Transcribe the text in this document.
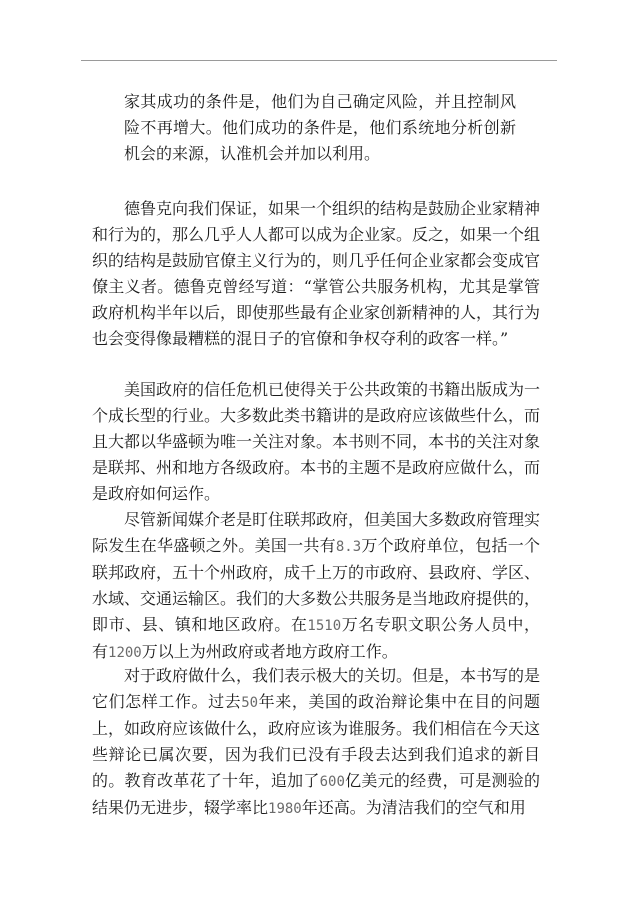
家其成功的条件是，他们为自己确定风险，并且控制风险不再增大。他们成功的条件是，他们系统地分析创新机会的来源，认准机会并加以利用。

德鲁克向我们保证，如果一个组织的结构是鼓励企业家精神和行为的，那么几乎人人都可以成为企业家。反之，如果一个组织的结构是鼓励官僚主义行为的，则几乎任何企业家都会变成官僚主义者。德鲁克曾经写道：“掌管公共服务机构，尤其是掌管政府机构半年以后，即使那些最有企业家创新精神的人，其行为也会变得像最糟糕的混日子的官僚和争权夺利的政客一样。”

美国政府的信任危机已使得关于公共政策的书籍出版成为一个成长型的行业。大多数此类书籍讲的是政府应该做些什么，而且大都以华盛顿为唯一关注对象。本书则不同，本书的关注对象是联邦、州和地方各级政府。本书的主题不是政府应做什么，而是政府如何运作。

尽管新闻媒介老是盯住联邦政府，但美国大多数政府管理实际发生在华盛顿之外。美国一共有8.3万个政府单位，包括一个联邦政府，五十个州政府，成千上万的市政府、县政府、学区、水域、交通运输区。我们的大多数公共服务是当地政府提供的，即市、县、镇和地区政府。在1510万名专职文职公务人员中，有1200万以上为州政府或者地方政府工作。

对于政府做什么，我们表示极大的关切。但是，本书写的是它们怎样工作。过去50年来，美国的政治辩论集中在目的问题上，如政府应该做什么，政府应该为谁服务。我们相信在今天这些辩论已属次要，因为我们已没有手段去达到我们追求的新目的。教育改革花了十年，追加了600亿美元的经费，可是测验的结果仍无进步，辍学率比1980年还高。为清洁我们的空气和用
